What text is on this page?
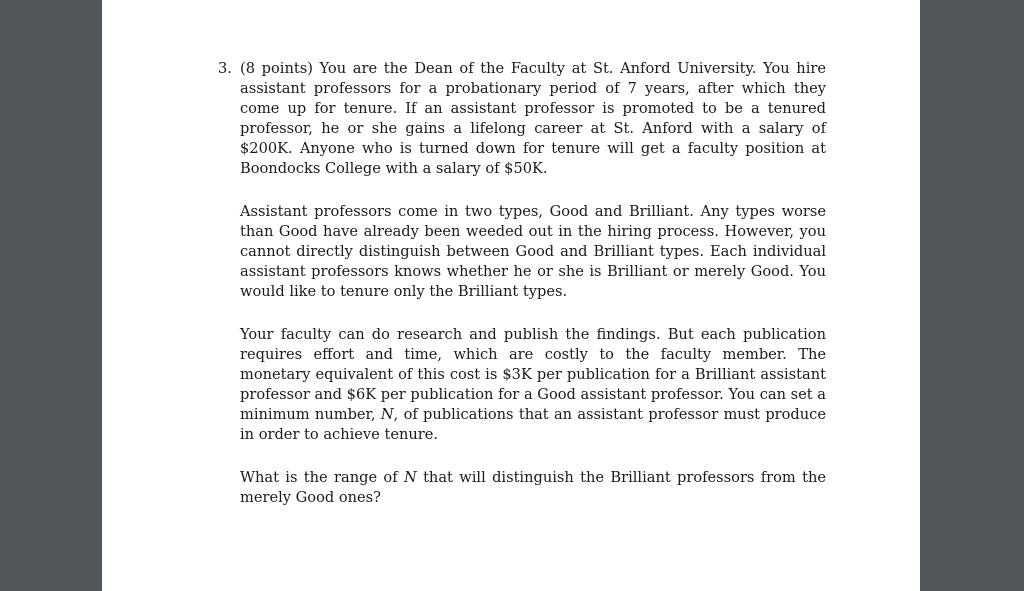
3. (8 points) You are the Dean of the Faculty at St. Anford University. You hire assistant professors for a probationary period of 7 years, after which they come up for tenure. If an assistant professor is promoted to be a tenured professor, he or she gains a lifelong career at St. Anford with a salary of $200K. Anyone who is turned down for tenure will get a faculty position at Boondocks College with a salary of $50K.

Assistant professors come in two types, Good and Brilliant. Any types worse than Good have already been weeded out in the hiring process. However, you cannot directly distinguish between Good and Brilliant types. Each individual assistant professors knows whether he or she is Brilliant or merely Good. You would like to tenure only the Brilliant types.

Your faculty can do research and publish the findings. But each publication requires effort and time, which are costly to the faculty member. The monetary equivalent of this cost is $3K per publication for a Brilliant assistant professor and $6K per publication for a Good assistant professor. You can set a minimum number, N, of publications that an assistant professor must produce in order to achieve tenure.

What is the range of N that will distinguish the Brilliant professors from the merely Good ones?
